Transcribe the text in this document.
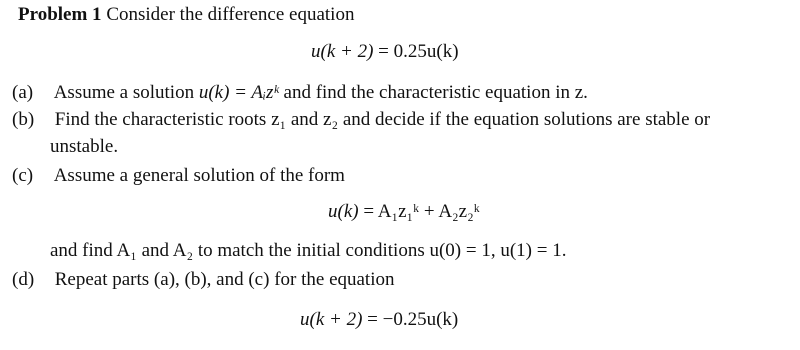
Problem 1 Consider the difference equation
u(k + 2) = 0.25u(k)
(a) Assume a solution u(k) = Aᵢzᵏ and find the characteristic equation in z.
(b) Find the characteristic roots z₁ and z₂ and decide if the equation solutions are stable or
unstable.
(c) Assume a general solution of the form
u(k) = A₁z₁ᵏ + A₂z₂ᵏ
and find A₁ and A₂ to match the initial conditions u(0) = 1, u(1) = 1.
(d) Repeat parts (a), (b), and (c) for the equation
u(k + 2) = −0.25u(k)
